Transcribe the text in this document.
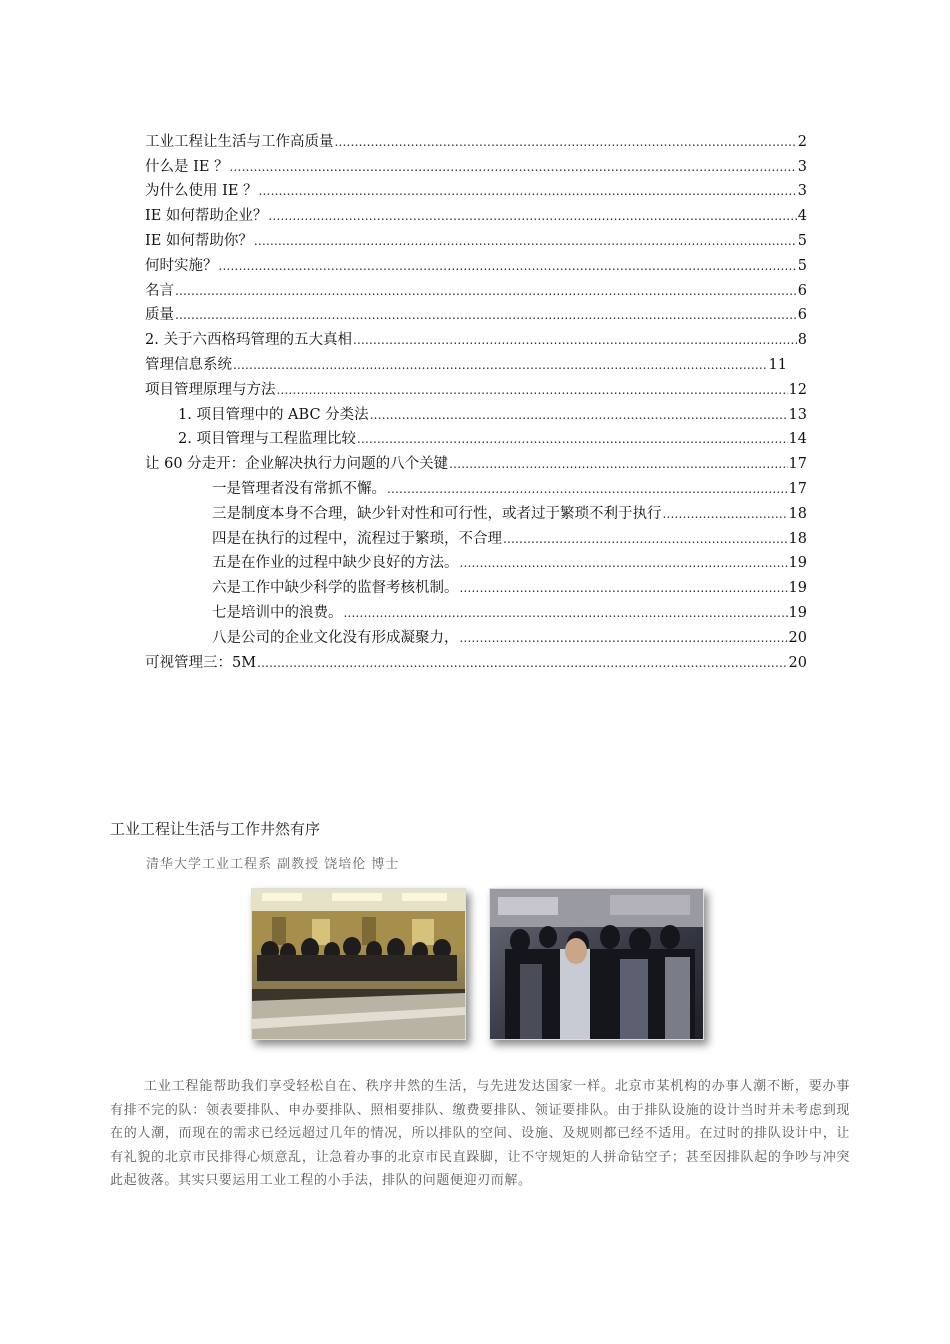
工业工程让生活与工作高质量 .....	2
什么是 IE ？ .....	3
为什么使用 IE ？ .....	3
IE 如何帮助企业？ .....	4
IE 如何帮助你？ .....	5
何时实施？ .....	5
名言 .....	6
质量 .....	6
2. 关于六西格玛管理的五大真相 .....	8
管理信息系统 .....	11
项目管理原理与方法 .....	12
1. 项目管理中的 ABC 分类法 .....	13
2. 项目管理与工程监理比较 .....	14
让 60 分走开：企业解决执行力问题的八个关键 .....	17
一是管理者没有常抓不懈。 .....	17
三是制度本身不合理，缺少针对性和可行性，或者过于繁琐不利于执行 .....	18
四是在执行的过程中，流程过于繁琐，不合理 .....	18
五是在作业的过程中缺少良好的方法。 .....	19
六是工作中缺少科学的监督考核机制。 .....	19
七是培训中的浪费。 .....	19
八是公司的企业文化没有形成凝聚力， .....	20
可视管理三：5M .....	20
工业工程让生活与工作井然有序
清华大学工业工程系 副教授 饶培伦 博士

工业工程能帮助我们享受轻松自在、秩序井然的生活，与先进发达国家一样。北京市某机构的办事人潮不断，要办事有排不完的队：领表要排队、申办要排队、照相要排队、缴费要排队、领证要排队。由于排队设施的设计当时并未考虑到现在的人潮，而现在的需求已经远超过几年的情况，所以排队的空间、设施、及规则都已经不适用。在过时的排队设计中，让有礼貌的北京市民排得心烦意乱，让急着办事的北京市民直跺脚，让不守规矩的人拼命钻空子；甚至因排队起的争吵与冲突此起彼落。其实只要运用工业工程的小手法，排队的问题便迎刃而解。
